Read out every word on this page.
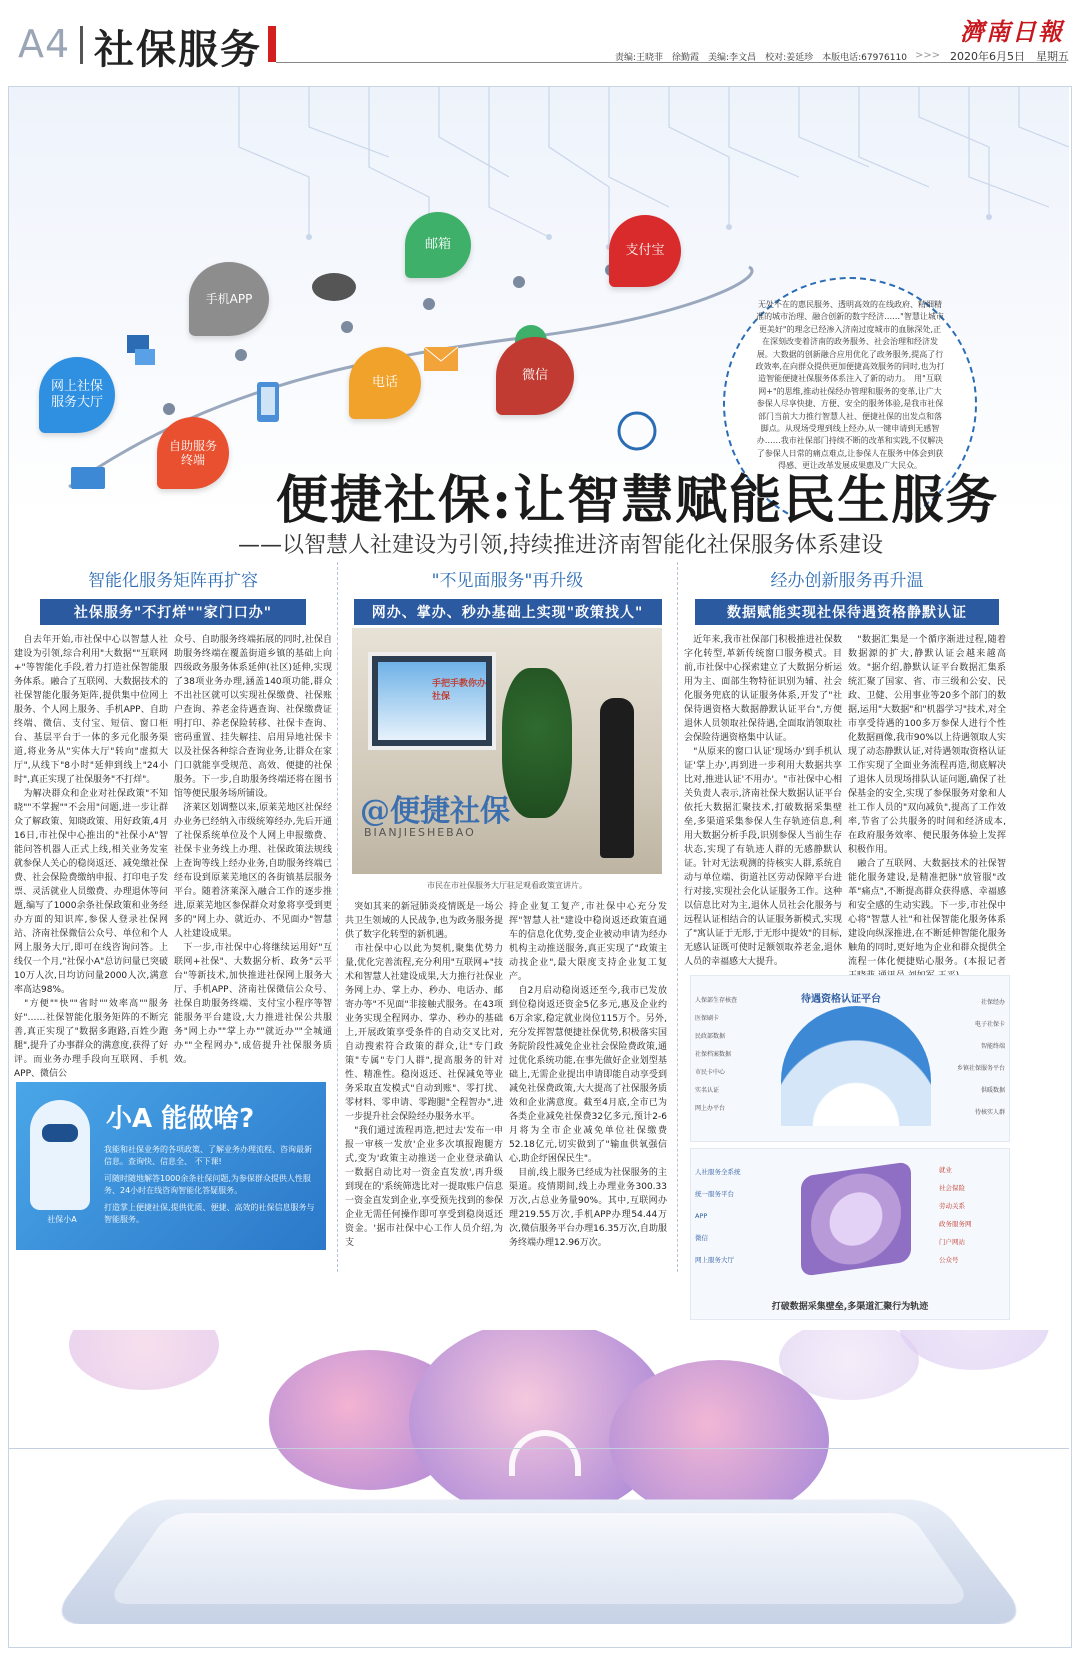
A4 社保服务	责编:王晓菲　徐勤霞　美编:李文昌　校对:姜延珍　本版电话:67976110 >>>
濟南日報
2020年6月5日　星期五
网上社保
服务大厅
自助服务
终端
手机APP
电话
邮箱
微信
支付宝
无处不在的惠民服务、透明高效的在线政府、精细精准的城市治理、融合创新的数字经济……"智慧让城市更美好"的理念已经渗入济南过度城市的血脉深处,正在深刻改变着济南的政务服务、社会治理和经济发展。大数据的创新融合应用优化了政务服务,提高了行政效率,在向群众提供更加便捷高效服务的同时,也为打造智能便捷社保服务体系注入了新的动力。　用"互联网+"的思维,推动社保经办管理和服务的变革,让广大参保人尽享快捷、方便、安全的服务体验,是我市社保部门当前大力推行智慧人社、便捷社保的出发点和落脚点。从现场受理到线上经办,从一键申请到无感智办……我市社保部门持续不断的改革和实践,不仅解决了参保人日常的痛点难点,让参保人在服务中体会到获得感、更让改革发展成果惠及广大民众。
便捷社保:让智慧赋能民生服务
——以智慧人社建设为引领,持续推进济南智能化社保服务体系建设
智能化服务矩阵再扩容
社保服务"不打烊""家门口办"
　自去年开始,市社保中心以智慧人社建设为引领,综合利用"大数据""互联网+"等智能化手段,着力打造社保智能服务体系。融合了互联网、大数据技术的社保智能化服务矩阵,提供集中位网上服务、个人网上服务、手机APP、自助终端、微信、支付宝、短信、窗口柜台、基层平台于一体的多元化服务渠道,将业务从"实体大厅"转向"虚拟大厅",从线下"8小时"延伸到线上"24小时",真正实现了社保服务"不打烊"。
　为解决群众和企业对社保政策"不知晓""不掌握""不会用"问题,进一步让群众了解政策、知晓政策、用好政策,4月16日,市社保中心推出的"社保小A"智能问答机器人正式上线,相关业务发室就参保人关心的稳岗返还、减免缴社保费、社会保险费缴纳申报、打印电子发票、灵活就业人员缴费、办理退休等问题,编写了1000余条社保政策和业务经办方面的知识库,参保人登录社保网站、济南社保微信公众号、单位和个人网上服务大厅,即可在线咨询问答。上线仅一个月,"社保小A"总访问量已突破10万人次,日均访问量2000人次,满意率高达98%。
　"方便""快""省时""效率高""服务好"……社保智能化服务矩阵的不断完善,真正实现了"数据多跑路,百姓少跑腿",提升了办事群众的满意度,获得了好评。而业务办理手段向互联网、手机APP、微信公
众号、自助服务终端拓展的同时,社保自助服务终端在覆盖街道乡镇的基础上向四级政务服务体系延伸(社区)延伸,实现了38项业务办理,涵盖140项功能,群众不出社区就可以实现社保缴费、社保账户查询、养老金待遇查询、社保缴费证明打印、养老保险转移、社保卡查询、密码重置、挂失解挂、启用异地社保卡以及社保各种综合查询业务,让群众在家门口就能享受规范、高效、便捷的社保服务。下一步,自助服务终端还将在图书馆等便民服务场所铺设。
　济莱区划调整以来,原莱芜地区社保经办业务已经纳入市级统筹经办,先后开通了社保系统单位及个人网上申报缴费、社保卡业务线上办理、社保政策法规线上查询等线上经办业务,自助服务终端已经布设到原莱芜地区的各街镇基层服务平台。随着济莱深入融合工作的逐步推进,原莱芜地区参保群众对象将享受到更多的"网上办、就近办、不见面办"智慧人社建设成果。
　下一步,市社保中心将继续运用好"互联网+社保"、大数据分析、政务"云平台"等新技术,加快推进社保网上服务大厅、手机APP、济南社保微信公众号、社保自助服务终端、支付宝小程序等智能服务平台建设,大力推进社保公共服务"网上办""掌上办""就近办""全城通办""全程网办",成倍提升社保服务质效。
社保小A
小A 能做啥?
我能和社保业务的各项政策、了解业务办理流程、咨询最新信息。查询快、信息全、 不下课!
可随时随地解答1000余条社保问题,为参保群众提供人性服务、24小时在线咨询智能化答疑服务。
打造掌上便捷社保,提供优质、便捷、高效的社保信息服务与智能服务。
"不见面服务"再升级
网办、掌办、秒办基础上实现"政策找人"
手把手教你办社保
@便捷社保
BIANJIESHEBAO
市民在市社保服务大厅驻足观看政策宣讲片。
　突如其来的新冠肺炎疫情既是一场公共卫生领域的人民战争,也为政务服务提供了数字化转型的新机遇。
　市社保中心以此为契机,聚集优势力量,优化完善流程,充分利用"互联网+"技术和智慧人社建设成果,大力推行社保业务网上办、掌上办、秒办、电话办、邮寄办等"不见面"非接触式服务。在43项业务实现全程网办、掌办、秒办的基础上,开展政策享受条件的自动交叉比对,自动搜索符合政策的群众,让"专门政策"专属"专门人群",提高服务的针对性、精准性。稳岗返还、社保减免等业务采取直发模式"自动到账"、零打扰、零材料、零申请、零跑腿"全程智办",进一步提升社会保险经办服务水平。
　"我们通过流程再造,把过去'发布一申报一审核一发放'企业多次填报跑腿方式,变为'政策主动推送一企业登录确认一数据自动比对一资金直发放',再升级到现在的'系统筛选比对一提取账户信息一资金直发到企业,享受预先找到的参保企业无需任何操作即可享受到稳岗返还资金。'据市社保中心工作人员介绍,为支
持企业复工复产,市社保中心充分发挥"智慧人社"建设中稳岗返还政策直通车的信息化优势,变企业被动申请为经办机构主动推送服务,真正实现了"政策主动找企业",最大限度支持企业复工复产。
　自2月启动稳岗返还至今,我市已发放到位稳岗返还资金5亿多元,惠及企业约6万余家,稳定就业岗位115万个。另外,充分发挥智慧便捷社保优势,积极落实国务院阶段性减免企业社会保险费政策,通过优化系统功能,在事先做好企业划型基础上,无需企业提出申请即能自动享受到减免社保费政策,大大提高了社保服务质效和企业满意度。截至4月底,全市已为各类企业减免社保费32亿多元,预计2-6月将为全市企业减免单位社保缴费52.18亿元,切实做到了"输血供氧强信心,助企纾困保民生"。
　目前,线上服务已经成为社保服务的主渠道。疫情期间,线上办理业务300.33万次,占总业务量90%。其中,互联网办理219.55万次,手机APP办理54.44万次,微信服务平台办理16.35万次,自助服务终端办理12.96万次。
经办创新服务再升温
数据赋能实现社保待遇资格静默认证
　近年来,我市社保部门积极推进社保数字化转型,革新传统窗口服务模式。目前,市社保中心探索建立了大数据分析运用为主、面部生物特征识别为辅、社会化服务兜底的认证服务体系,开发了"社保待遇资格大数据静默认证平台",方便退休人员领取社保待遇,全面取消领取社会保险待遇资格集中认证。
　"从原来的窗口认证'现场办'到手机认证'掌上办',再到进一步利用大数据共享比对,推进认证'不用办'。"市社保中心相关负责人表示,济南社保大数据认证平台依托大数据汇聚技术,打破数据采集壁垒,多渠道采集参保人生存轨迹信息,利用大数据分析手段,识别参保人当前生存状态,实现了有轨迹人群的无感静默认证。针对无法观测的待核实人群,系统自动与单位端、街道社区劳动保障平台进行对接,实现社会化认证服务工作。这种以信息比对为主,退休人员社会化服务与远程认证相结合的认证服务新模式,实现了"寓认证于无形,于无形中提效"的目标,无感认证既可使时足额领取养老金,退休人员的幸福感大大提升。
　"数据汇集是一个循序渐进过程,随着数据源的扩大,静默认证会越来越高效。"据介绍,静默认证平台数据汇集系统汇聚了国家、省、市三级和公安、民政、卫健、公用事业等20多个部门的数据,运用"大数据"和"机器学习"技术,对全市享受待遇的100多万参保人进行个性化数据画像,我市90%以上待遇领取人实现了动态静默认证,对待遇领取资格认证工作实现了全面业务流程再造,彻底解决了退休人员现场排队认证问题,确保了社保基金的安全,实现了参保服务对象和人社工作人员的"双向减负",提高了工作效率,节省了公共服务的时间和经济成本,在政府服务效率、便民服务体验上发挥积极作用。
　融合了互联网、大数据技术的社保智能化服务建设,是精准把脉"放管服"改革"痛点",不断提高群众获得感、幸福感和安全感的生动实践。下一步,市社保中心将"智慧人社"和社保智能化服务体系建设向纵深推进,在不断延伸智能化服务触角的同时,更好地为企业和群众提供全流程一体化便捷贴心服务。(本报记者
待遇资格认证平台
人保部生存核查
医保刷卡
民政部数据
社保档案数据
市民卡中心
实名认证
网上办平台
社保经办
电子社保卡
智能终端
乡镇社保服务平台
供暖数据
待核实人群
人社服务全系统
统一服务平台
APP
微信
网上服务大厅
就业
社会保险
劳动关系
政务服务网
门户网站
公众号
打破数据采集壁垒,多渠道汇聚行为轨迹
